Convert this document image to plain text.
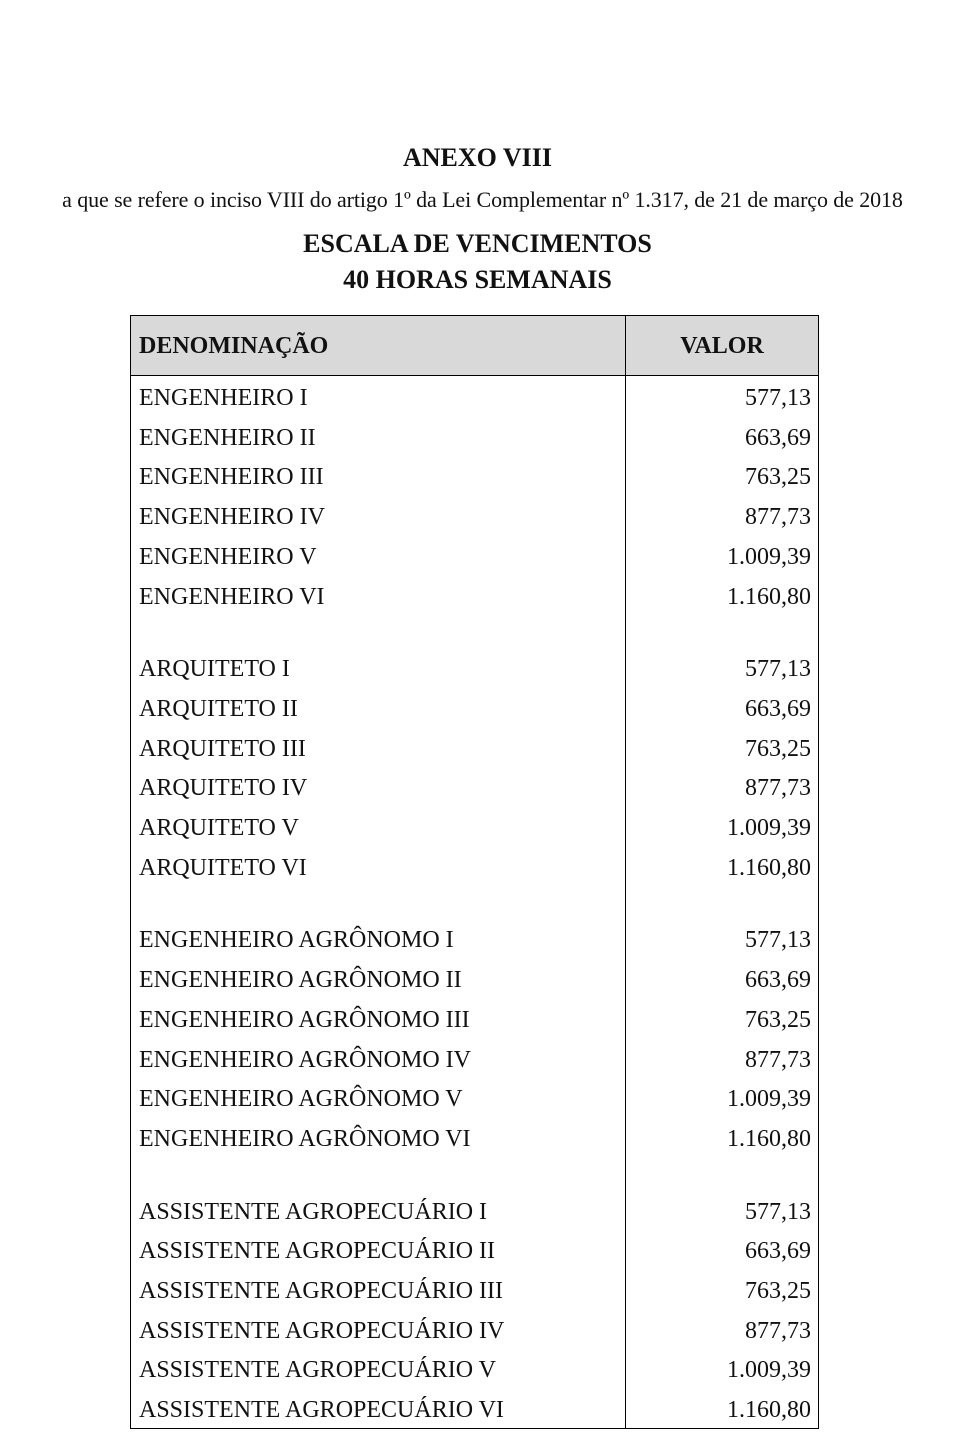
ANEXO VIII
a que se refere o inciso VIII do artigo 1º da Lei Complementar nº 1.317, de 21 de março de 2018
ESCALA DE VENCIMENTOS
40 HORAS SEMANAIS
DENOMINAÇÃO	VALOR
ENGENHEIRO I	577,13
ENGENHEIRO II	663,69
ENGENHEIRO III	763,25
ENGENHEIRO IV	877,73
ENGENHEIRO V	1.009,39
ENGENHEIRO VI	1.160,80
ARQUITETO I	577,13
ARQUITETO II	663,69
ARQUITETO III	763,25
ARQUITETO IV	877,73
ARQUITETO V	1.009,39
ARQUITETO VI	1.160,80
ENGENHEIRO AGRÔNOMO I	577,13
ENGENHEIRO AGRÔNOMO II	663,69
ENGENHEIRO AGRÔNOMO III	763,25
ENGENHEIRO AGRÔNOMO IV	877,73
ENGENHEIRO AGRÔNOMO V	1.009,39
ENGENHEIRO AGRÔNOMO VI	1.160,80
ASSISTENTE AGROPECUÁRIO I	577,13
ASSISTENTE AGROPECUÁRIO II	663,69
ASSISTENTE AGROPECUÁRIO III	763,25
ASSISTENTE AGROPECUÁRIO IV	877,73
ASSISTENTE AGROPECUÁRIO V	1.009,39
ASSISTENTE AGROPECUÁRIO VI	1.160,80
